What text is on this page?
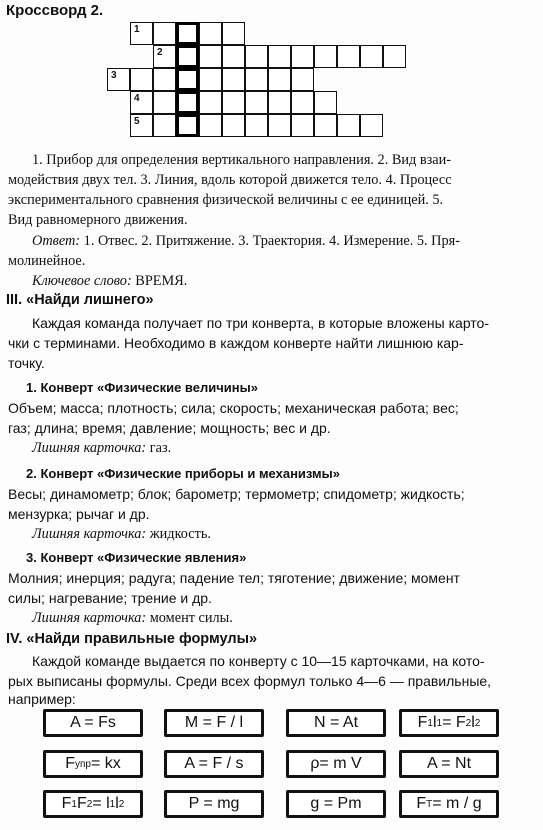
Кроссворд 2.
1
2
3
4
5
1. Прибор для определения вертикального направления. 2. Вид взаи-
модействия двух тел. 3. Линия, вдоль которой движется тело. 4. Процесс
экспериментального сравнения физической величины с ее единицей. 5.
Вид равномерного движения.
Ответ: 1. Отвес. 2. Притяжение. 3. Траектория. 4. Измерение. 5. Пря-
молинейное.
Ключевое слово: ВРЕМЯ.
III. «Найди лишнего»
Каждая команда получает по три конверта, в которые вложены карто-
чки с терминами. Необходимо в каждом конверте найти лишнюю кар-
точку.
1. Конверт «Физические величины»
Объем; масса; плотность; сила; скорость; механическая работа; вес;
газ; длина; время; давление; мощность; вес и др.
Лишняя карточка: газ.
2. Конверт «Физические приборы и механизмы»
Весы; динамометр; блок; барометр; термометр; спидометр; жидкость;
мензурка; рычаг и др.
Лишняя карточка: жидкость.
3. Конверт «Физические явления»
Молния; инерция; радуга; падение тел; тяготение; движение; момент
силы; нагревание; трение и др.
Лишняя карточка: момент силы.
IV. «Найди правильные формулы»
Каждой команде выдается по конверту с 10—15 карточками, на кото-
рых выписаны формулы. Среди всех формул только 4—6 — правильные,
например:
A = Fs	M = F / l	N = At	F 1 l 1 = F 2 l 2
F упр = kx	A = F / s	ρ= m V	A = Nt
F 1 F 2 = l 1 l 2	P = mg	g = Pm	F T = m / g
